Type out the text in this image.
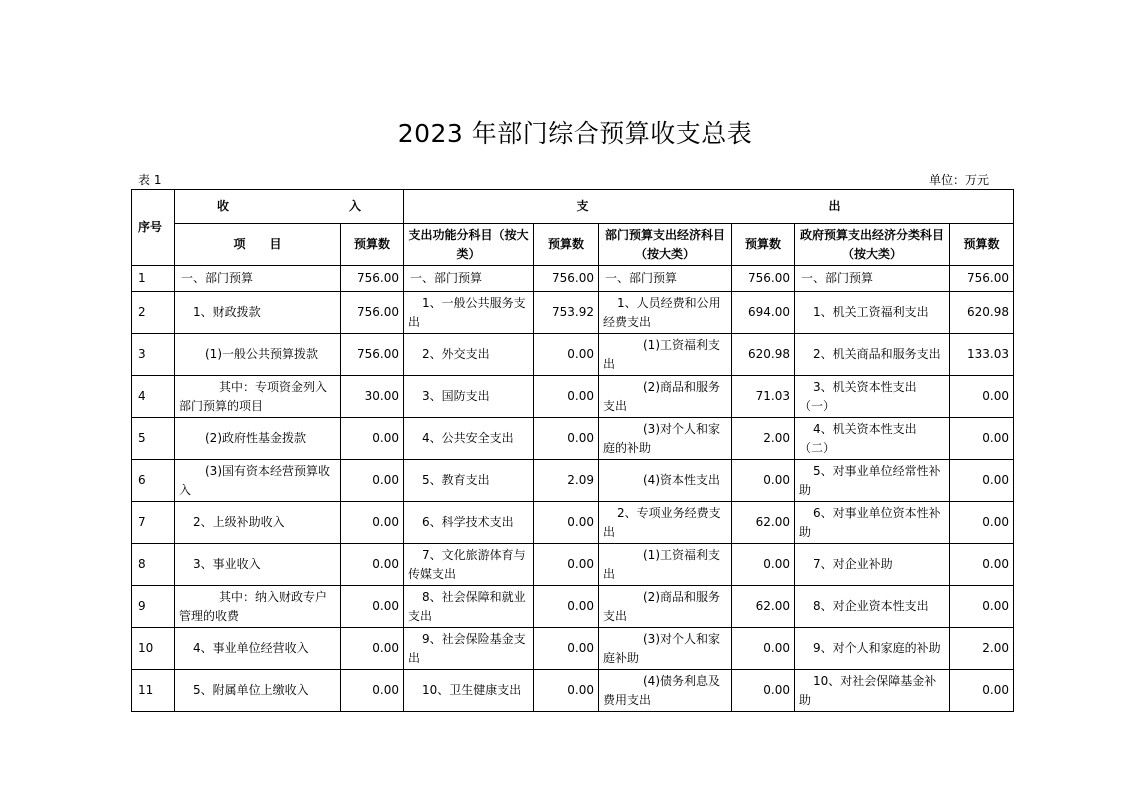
2023 年部门综合预算收支总表
表 1	单位：万元
序号	收　　　　　　　　　　入		支　　　　　　　　　　　　　　　　　　　　出					
	项　　目	预算数	支出功能分科目（按大类）	预算数	部门预算支出经济科目（按大类）	预算数	政府预算支出经济分类科目（按大类）	预算数
1	一、部门预算	756.00	一、部门预算	756.00	一、部门预算	756.00	一、部门预算	756.00
2	1、财政拨款	756.00	1、一般公共服务支出	753.92	1、人员经费和公用经费支出	694.00	1、机关工资福利支出	620.98
3	(1)一般公共预算拨款	756.00	2、外交支出	0.00	(1)工资福利支出	620.98	2、机关商品和服务支出	133.03
4	其中：专项资金列入部门预算的项目	30.00	3、国防支出	0.00	(2)商品和服务支出	71.03	3、机关资本性支出（一）	0.00
5	(2)政府性基金拨款	0.00	4、公共安全支出	0.00	(3)对个人和家庭的补助	2.00	4、机关资本性支出（二）	0.00
6	(3)国有资本经营预算收入	0.00	5、教育支出	2.09	(4)资本性支出	0.00	5、对事业单位经常性补助	0.00
7	2、上级补助收入	0.00	6、科学技术支出	0.00	2、专项业务经费支出	62.00	6、对事业单位资本性补助	0.00
8	3、事业收入	0.00	7、文化旅游体育与传媒支出	0.00	(1)工资福利支出	0.00	7、对企业补助	0.00
9	其中：纳入财政专户管理的收费	0.00	8、社会保障和就业支出	0.00	(2)商品和服务支出	62.00	8、对企业资本性支出	0.00
10	4、事业单位经营收入	0.00	9、社会保险基金支出	0.00	(3)对个人和家庭补助	0.00	9、对个人和家庭的补助	2.00
11	5、附属单位上缴收入	0.00	10、卫生健康支出	0.00	(4)债务利息及费用支出	0.00	10、对社会保障基金补助	0.00
